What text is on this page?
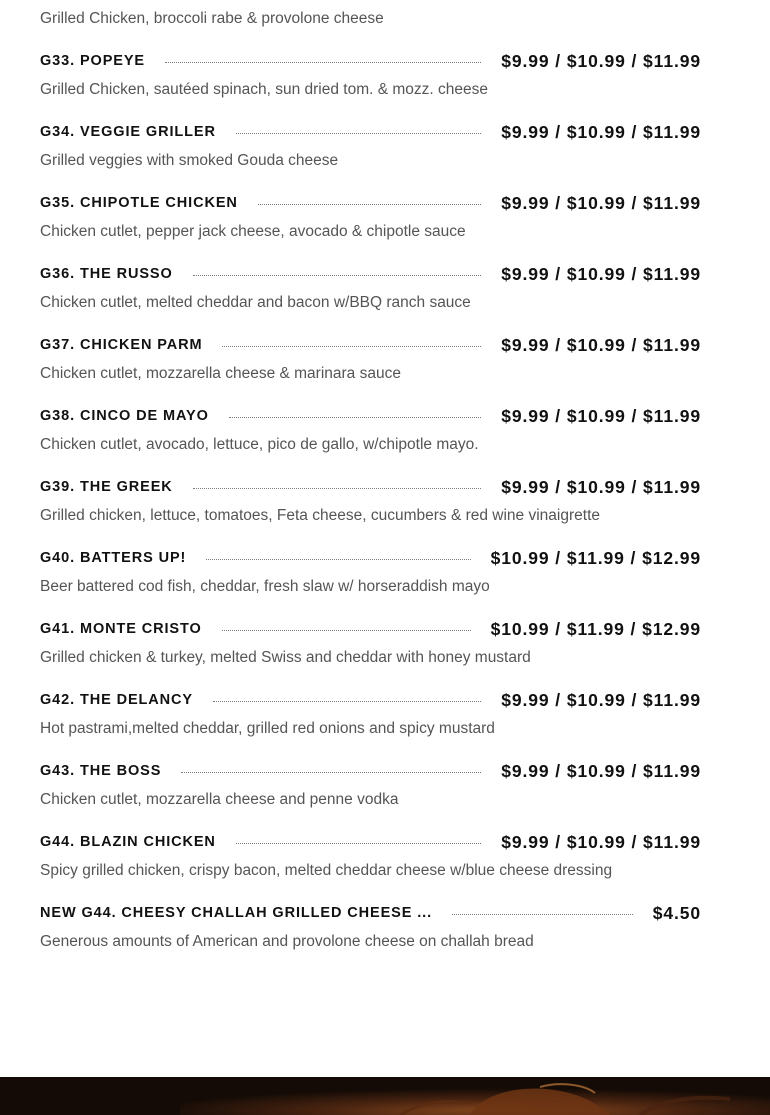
Grilled Chicken, broccoli rabe & provolone cheese
G33. POPEYE	$9.99 / $10.99 / $11.99
Grilled Chicken, sautéed spinach, sun dried tom. & mozz. cheese
G34. VEGGIE GRILLER	$9.99 / $10.99 / $11.99
Grilled veggies with smoked Gouda cheese
G35. CHIPOTLE CHICKEN	$9.99 / $10.99 / $11.99
Chicken cutlet, pepper jack cheese, avocado & chipotle sauce
G36. THE RUSSO	$9.99 / $10.99 / $11.99
Chicken cutlet, melted cheddar and bacon w/BBQ ranch sauce
G37. CHICKEN PARM	$9.99 / $10.99 / $11.99
Chicken cutlet, mozzarella cheese & marinara sauce
G38. CINCO DE MAYO	$9.99 / $10.99 / $11.99
Chicken cutlet, avocado, lettuce, pico de gallo, w/chipotle mayo.
G39. THE GREEK	$9.99 / $10.99 / $11.99
Grilled chicken, lettuce, tomatoes, Feta cheese, cucumbers & red wine vinaigrette
G40. BATTERS UP!	$10.99 / $11.99 / $12.99
Beer battered cod fish, cheddar, fresh slaw w/ horseraddish mayo
G41. MONTE CRISTO	$10.99 / $11.99 / $12.99
Grilled chicken & turkey, melted Swiss and cheddar with honey mustard
G42. THE DELANCY	$9.99 / $10.99 / $11.99
Hot pastrami,melted cheddar, grilled red onions and spicy mustard
G43. THE BOSS	$9.99 / $10.99 / $11.99
Chicken cutlet, mozzarella cheese and penne vodka
G44. BLAZIN CHICKEN	$9.99 / $10.99 / $11.99
Spicy grilled chicken, crispy bacon, melted cheddar cheese w/blue cheese dressing
NEW G44. CHEESY CHALLAH GRILLED CHEESE ...	$4.50
Generous amounts of American and provolone cheese on challah bread
